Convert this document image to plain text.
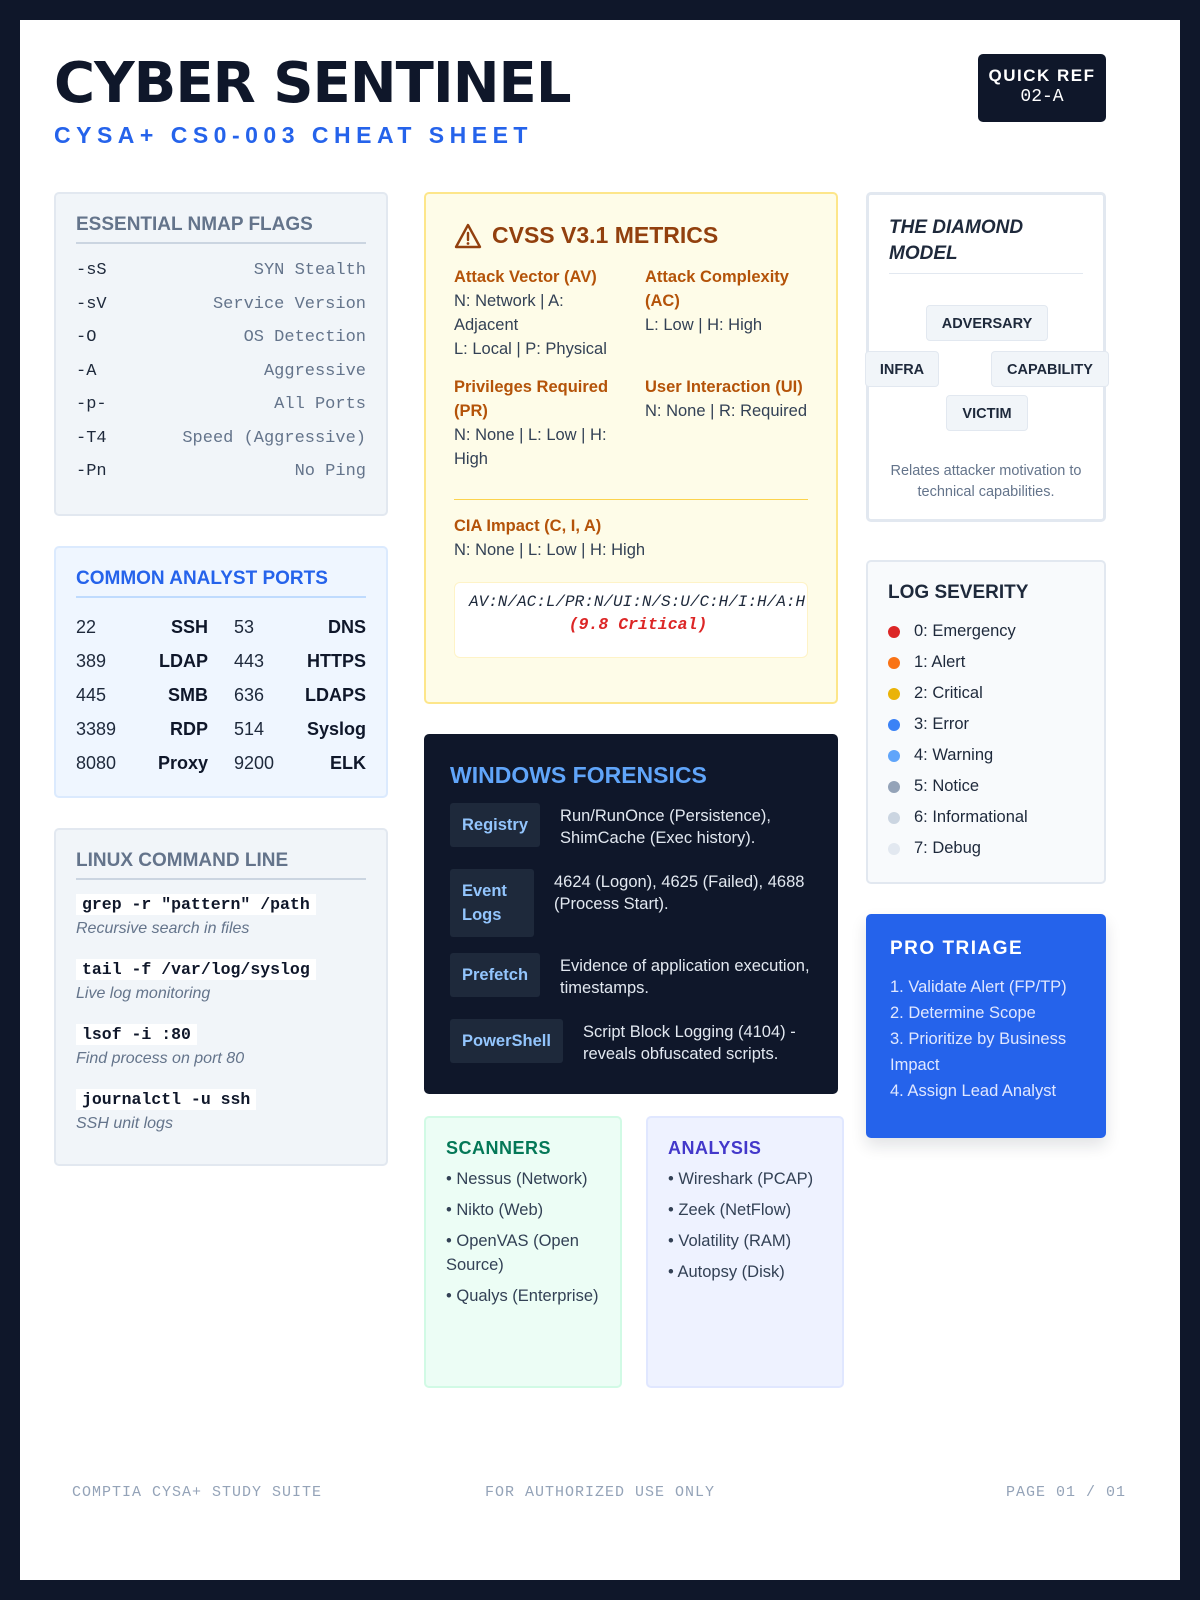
CYBER SENTINEL
CYSA+ CS0-003 CHEAT SHEET
QUICK REF
02-A
ESSENTIAL NMAP FLAGS
-sS	SYN Stealth
-sV	Service Version
-O	OS Detection
-A	Aggressive
-p-	All Ports
-T4	Speed (Aggressive)
-Pn	No Ping
COMMON ANALYST PORTS
22	SSH 53	DNS
389	LDAP 443 HTTPS
445	SMB 636 LDAPS
3389	RDP 514 Syslog
8080 Proxy 9200	ELK
LINUX COMMAND LINE
grep -r "pattern" /path
Recursive search in files
tail -f /var/log/syslog
Live log monitoring
lsof -i :80
Find process on port 80
journalctl -u ssh
SSH unit logs
CVSS V3.1 METRICS
Attack Vector (AV)
N: Network | A: Adjacent
L: Local | P: Physical
Attack Complexity (AC)
L: Low | H: High
Privileges Required (PR)
N: None | L: Low | H: High
User Interaction (UI)
N: None | R: Required
CIA Impact (C, I, A)
N: None | L: Low | H: High
AV:N/AC:L/PR:N/UI:N/S:U/C:H/I:H/A:H
(9.8 Critical)
WINDOWS FORENSICS
Registry	Run/RunOnce (Persistence), ShimCache (Exec history).
Event Logs
4624 (Logon), 4625 (Failed), 4688 (Process Start).
Prefetch	Evidence of application execution, timestamps.
PowerShell	Script Block Logging (4104) - reveals obfuscated scripts.
SCANNERS
• Nessus (Network)
• Nikto (Web)
• OpenVAS (Open Source)
• Qualys (Enterprise)
ANALYSIS
• Wireshark (PCAP)
• Zeek (NetFlow)
• Volatility (RAM)
• Autopsy (Disk)
THE DIAMOND MODEL
ADVERSARY
INFRA	CAPABILITY
VICTIM
Relates attacker motivation to technical capabilities.
LOG SEVERITY
0: Emergency
1: Alert
2: Critical
3: Error
4: Warning
5: Notice
6: Informational
7: Debug
PRO TRIAGE
1. Validate Alert (FP/TP)
2. Determine Scope
3. Prioritize by Business Impact
4. Assign Lead Analyst
FOR AUTHORIZED USE ONLY
COMPTIA CYSA+ STUDY SUITE	PAGE 01 / 01
